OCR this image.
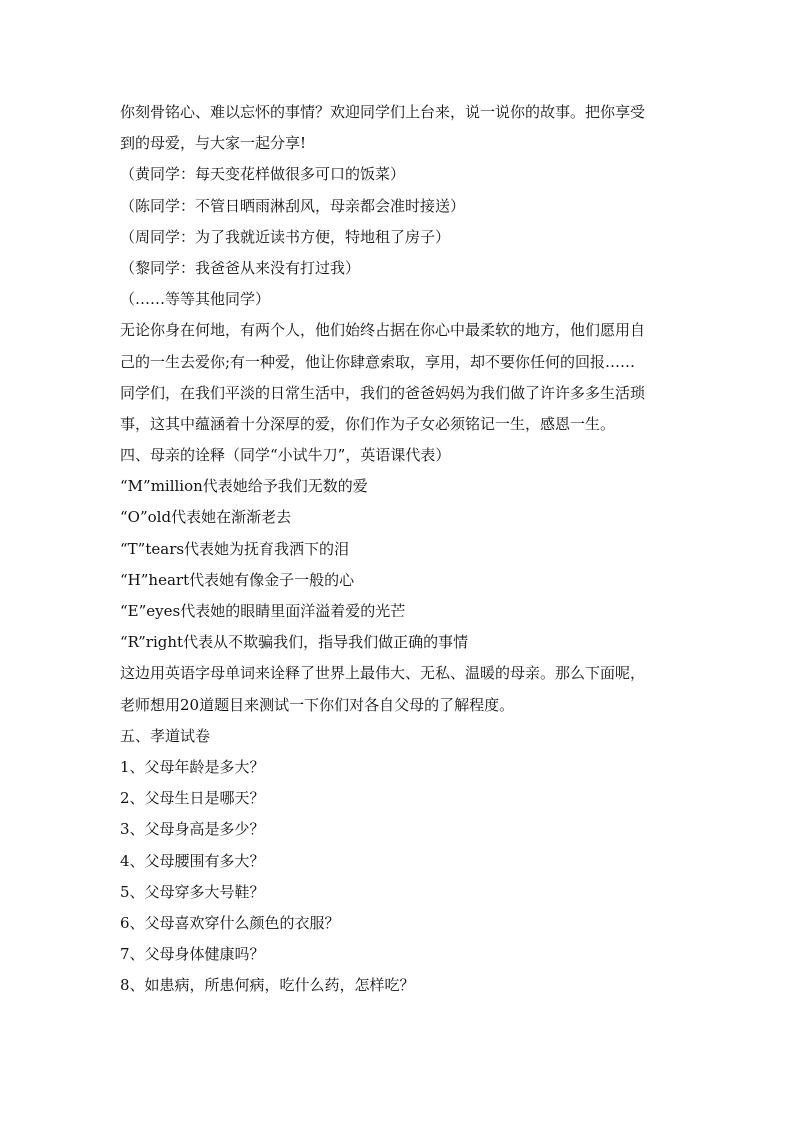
你刻骨铭心、难以忘怀的事情？欢迎同学们上台来，说一说你的故事。把你享受
到的母爱，与大家一起分享!
（黄同学：每天变花样做很多可口的饭菜）
（陈同学：不管日晒雨淋刮风，母亲都会准时接送）
（周同学：为了我就近读书方便，特地租了房子）
（黎同学：我爸爸从来没有打过我）
（……等等其他同学）
无论你身在何地，有两个人，他们始终占据在你心中最柔软的地方，他们愿用自
己的一生去爱你;有一种爱，他让你肆意索取，享用，却不要你任何的回报……
同学们，在我们平淡的日常生活中，我们的爸爸妈妈为我们做了许许多多生活琐
事，这其中蕴涵着十分深厚的爱，你们作为子女必须铭记一生，感恩一生。
四、母亲的诠释（同学“小试牛刀”，英语课代表）
“M”million代表她给予我们无数的爱
“O”old代表她在渐渐老去
“T”tears代表她为抚育我洒下的泪
“H”heart代表她有像金子一般的心
“E”eyes代表她的眼睛里面洋溢着爱的光芒
“R”right代表从不欺骗我们，指导我们做正确的事情
这边用英语字母单词来诠释了世界上最伟大、无私、温暖的母亲。那么下面呢，
老师想用20道题目来测试一下你们对各自父母的了解程度。
五、孝道试卷
1、父母年龄是多大？
2、父母生日是哪天？
3、父母身高是多少？
4、父母腰围有多大？
5、父母穿多大号鞋？
6、父母喜欢穿什么颜色的衣服？
7、父母身体健康吗？
8、如患病，所患何病，吃什么药，怎样吃？
